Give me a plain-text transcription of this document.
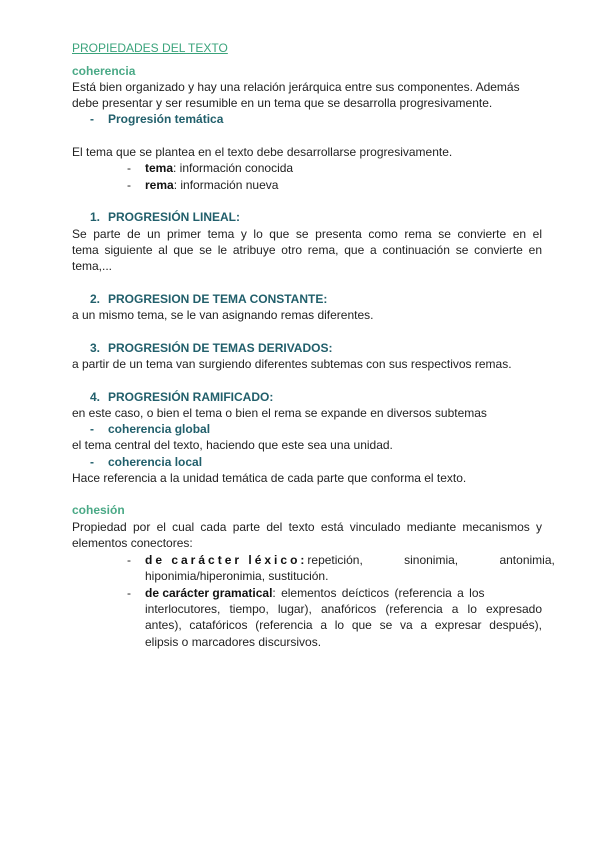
PROPIEDADES DEL TEXTO
coherencia
Está bien organizado y hay una relación jerárquica entre sus componentes. Además
debe presentar y ser resumible en un tema que se desarrolla progresivamente.
- Progresión temática
El tema que se plantea en el texto debe desarrollarse progresivamente.
- tema: información conocida
- rema: información nueva
1. PROGRESIÓN LINEAL:
Se parte de un primer tema y lo que se presenta como rema se convierte en el
tema siguiente al que se le atribuye otro rema, que a continuación se convierte en
tema,...
2. PROGRESION DE TEMA CONSTANTE:
a un mismo tema, se le van asignando remas diferentes.
3. PROGRESIÓN DE TEMAS DERIVADOS:
a partir de un tema van surgiendo diferentes subtemas con sus respectivos remas.
4. PROGRESIÓN RAMIFICADO:
en este caso, o bien el tema o bien el rema se expande en diversos subtemas
- coherencia global
el tema central del texto, haciendo que este sea una unidad.
- coherencia local
Hace referencia a la unidad temática de cada parte que conforma el texto.
cohesión
Propiedad por el cual cada parte del texto está vinculado mediante mecanismos y
elementos conectores:
- de carácter léxico: repetición, sinonimia, antonimia,
hiponimia/hiperonimia, sustitución.
- de carácter gramatical: elementos deícticos (referencia a los
interlocutores, tiempo, lugar), anafóricos (referencia a lo expresado
antes), catafóricos (referencia a lo que se va a expresar después),
elipsis o marcadores discursivos.
